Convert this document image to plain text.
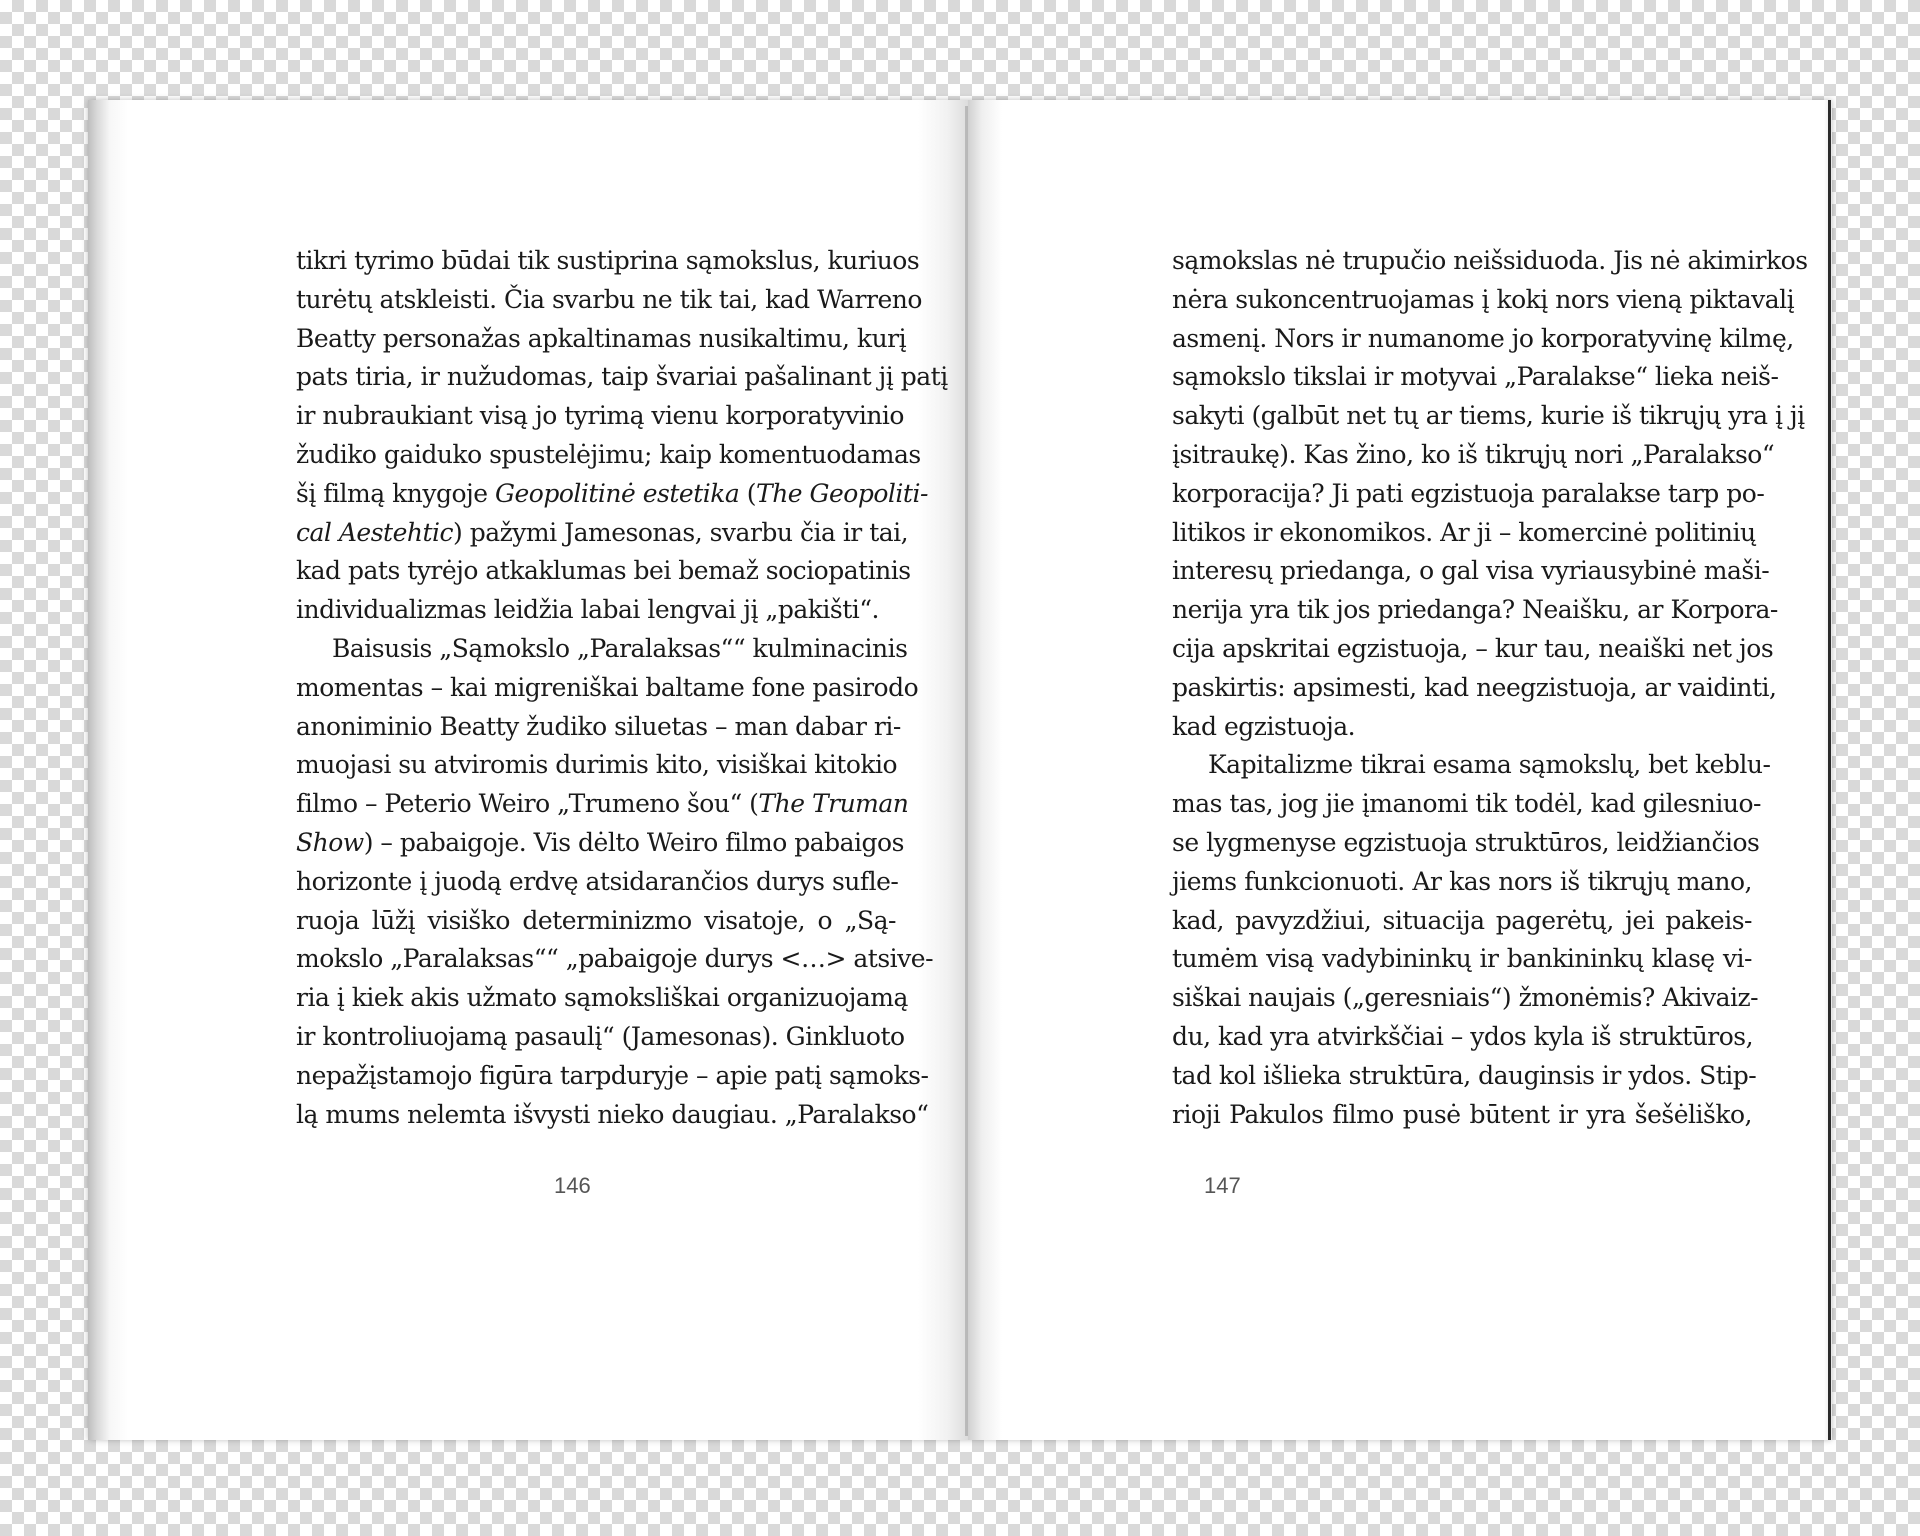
tikri tyrimo būdai tik sustiprina sąmokslus, kuriuos
turėtų atskleisti. Čia svarbu ne tik tai, kad Warreno
Beatty personažas apkaltinamas nusikaltimu, kurį
pats tiria, ir nužudomas, taip švariai pašalinant jį patį
ir nubraukiant visą jo tyrimą vienu korporatyvinio
žudiko gaiduko spustelėjimu; kaip komentuodamas
šį filmą knygoje Geopolitinė estetika (The Geopoliti-
cal Aestehtic) pažymi Jamesonas, svarbu čia ir tai,
kad pats tyrėjo atkaklumas bei bemaž sociopatinis
individualizmas leidžia labai lengvai jį „pakišti“.
Baisusis „Sąmokslo „Paralaksas““ kulminacinis
momentas – kai migreniškai baltame fone pasirodo
anoniminio Beatty žudiko siluetas – man dabar ri-
muojasi su atviromis durimis kito, visiškai kitokio
filmo – Peterio Weiro „Trumeno šou“ (The Truman
Show) – pabaigoje. Vis dėlto Weiro filmo pabaigos
horizonte į juodą erdvę atsidarančios durys sufle-
ruoja lūžį visiško determinizmo visatoje, o „Są-
mokslo „Paralaksas““ „pabaigoje durys <…> atsive-
ria į kiek akis užmato sąmoksliškai organizuojamą
ir kontroliuojamą pasaulį“ (Jamesonas). Ginkluoto
nepažįstamojo figūra tarpduryje – apie patį sąmoks-
lą mums nelemta išvysti nieko daugiau. „Paralakso“
146
sąmokslas nė trupučio neišsiduoda. Jis nė akimirkos
nėra sukoncentruojamas į kokį nors vieną piktavalį
asmenį. Nors ir numanome jo korporatyvinę kilmę,
sąmokslo tikslai ir motyvai „Paralakse“ lieka neiš-
sakyti (galbūt net tų ar tiems, kurie iš tikrųjų yra į jį
įsitraukę). Kas žino, ko iš tikrųjų nori „Paralakso“
korporacija? Ji pati egzistuoja paralakse tarp po-
litikos ir ekonomikos. Ar ji – komercinė politinių
interesų priedanga, o gal visa vyriausybinė maši-
nerija yra tik jos priedanga? Neaišku, ar Korpora-
cija apskritai egzistuoja, – kur tau, neaiški net jos
paskirtis: apsimesti, kad neegzistuoja, ar vaidinti,
kad egzistuoja.
Kapitalizme tikrai esama sąmokslų, bet keblu-
mas tas, jog jie įmanomi tik todėl, kad gilesniuo-
se lygmenyse egzistuoja struktūros, leidžiančios
jiems funkcionuoti. Ar kas nors iš tikrųjų mano,
kad, pavyzdžiui, situacija pagerėtų, jei pakeis-
tumėm visą vadybininkų ir bankininkų klasę vi-
siškai naujais („geresniais“) žmonėmis? Akivaiz-
du, kad yra atvirkščiai – ydos kyla iš struktūros,
tad kol išlieka struktūra, dauginsis ir ydos. Stip-
rioji Pakulos filmo pusė būtent ir yra šešėliško,
147
